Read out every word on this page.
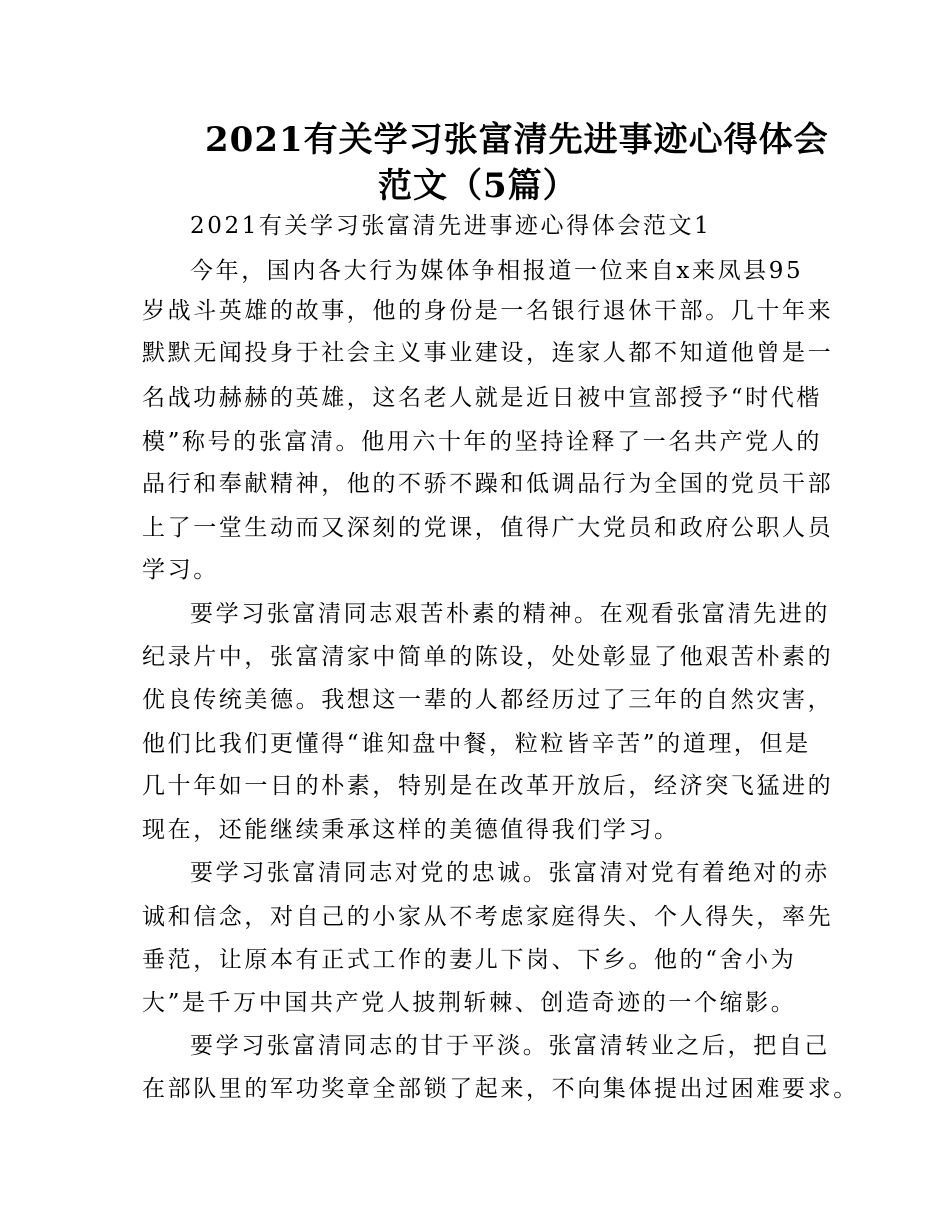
2021有关学习张富清先进事迹心得体会
范文（5篇）

2021有关学习张富清先进事迹心得体会范文1

今年，国内各大行为媒体争相报道一位来自x来凤县95

岁战斗英雄的故事，他的身份是一名银行退休干部。几十年来

默默无闻投身于社会主义事业建设，连家人都不知道他曾是一

名战功赫赫的英雄，这名老人就是近日被中宣部授予“时代楷

模”称号的张富清。他用六十年的坚持诠释了一名共产党人的

品行和奉献精神，他的不骄不躁和低调品行为全国的党员干部

上了一堂生动而又深刻的党课，值得广大党员和政府公职人员

学习。

要学习张富清同志艰苦朴素的精神。在观看张富清先进的

纪录片中，张富清家中简单的陈设，处处彰显了他艰苦朴素的

优良传统美德。我想这一辈的人都经历过了三年的自然灾害，

他们比我们更懂得“谁知盘中餐，粒粒皆辛苦”的道理，但是

几十年如一日的朴素，特别是在改革开放后，经济突飞猛进的

现在，还能继续秉承这样的美德值得我们学习。

要学习张富清同志对党的忠诚。张富清对党有着绝对的赤

诚和信念，对自己的小家从不考虑家庭得失、个人得失，率先

垂范，让原本有正式工作的妻儿下岗、下乡。他的“舍小为

大”是千万中国共产党人披荆斩棘、创造奇迹的一个缩影。

要学习张富清同志的甘于平淡。张富清转业之后，把自己

在部队里的军功奖章全部锁了起来，不向集体提出过困难要求。
